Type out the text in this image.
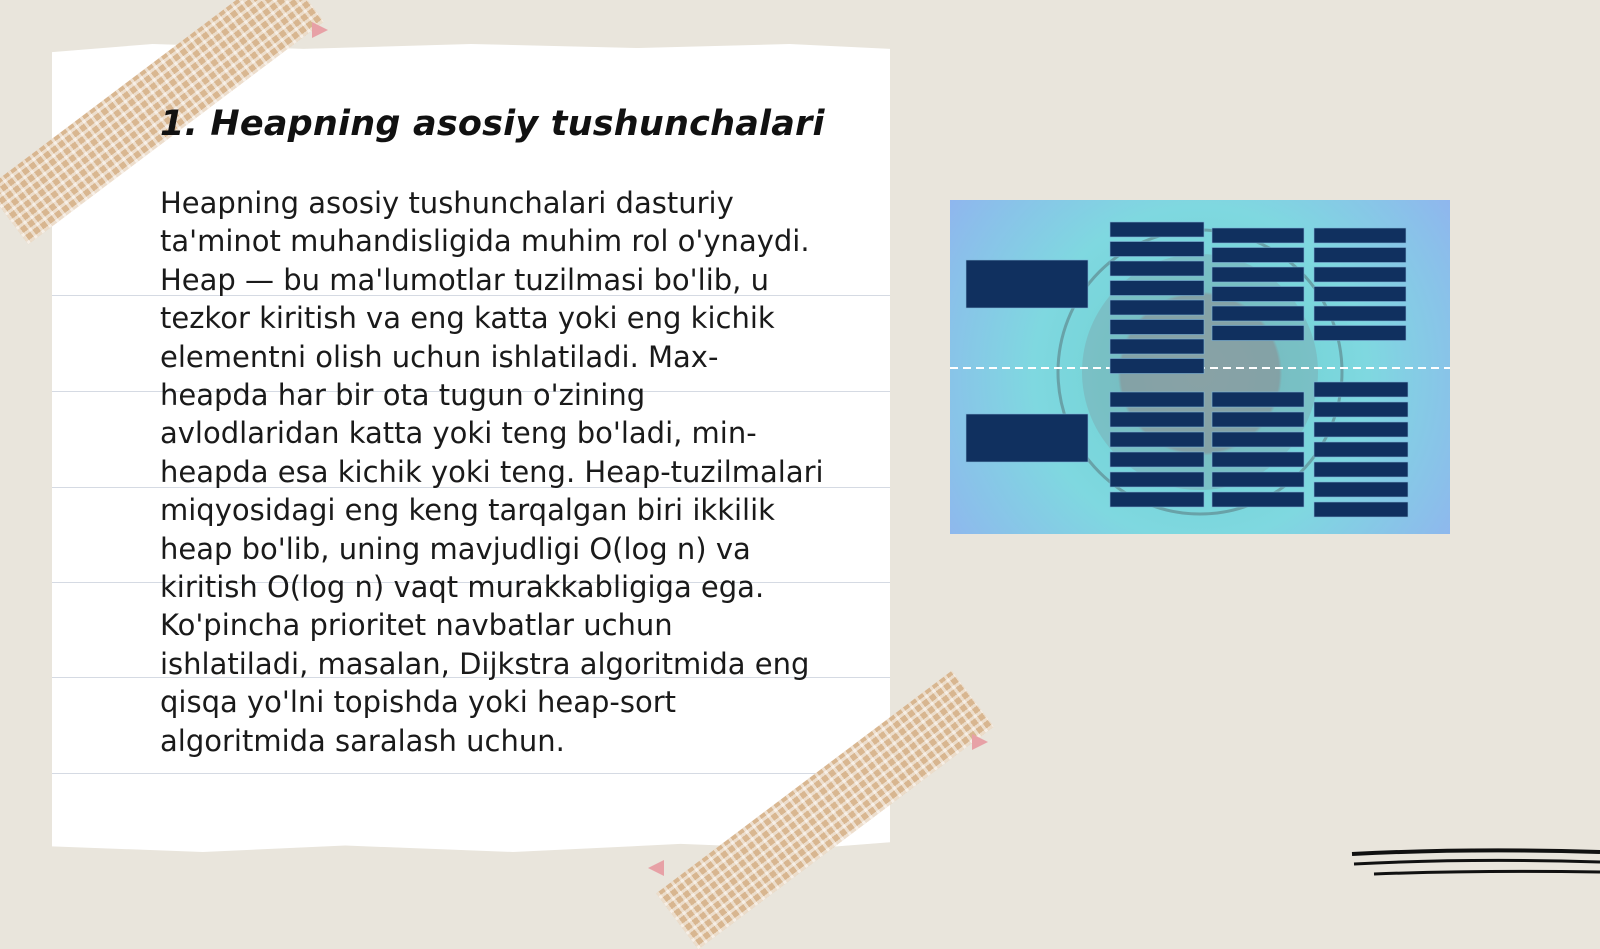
1. Heapning asosiy tushunchalari

Heapning asosiy tushunchalari dasturiy
ta'minot muhandisligida muhim rol o'ynaydi.
Heap — bu ma'lumotlar tuzilmasi bo'lib, u
tezkor kiritish va eng katta yoki eng kichik
elementni olish uchun ishlatiladi. Max-
heapda har bir ota tugun o'zining
avlodlaridan katta yoki teng bo'ladi, min-
heapda esa kichik yoki teng. Heap-tuzilmalari
miqyosidagi eng keng tarqalgan biri ikkilik
heap bo'lib, uning mavjudligi O(log n) va
kiritish O(log n) vaqt murakkabligiga ega.
Ko'pincha prioritet navbatlar uchun
ishlatiladi, masalan, Dijkstra algoritmida eng
qisqa yo'lni topishda yoki heap-sort
algoritmida saralash uchun.
